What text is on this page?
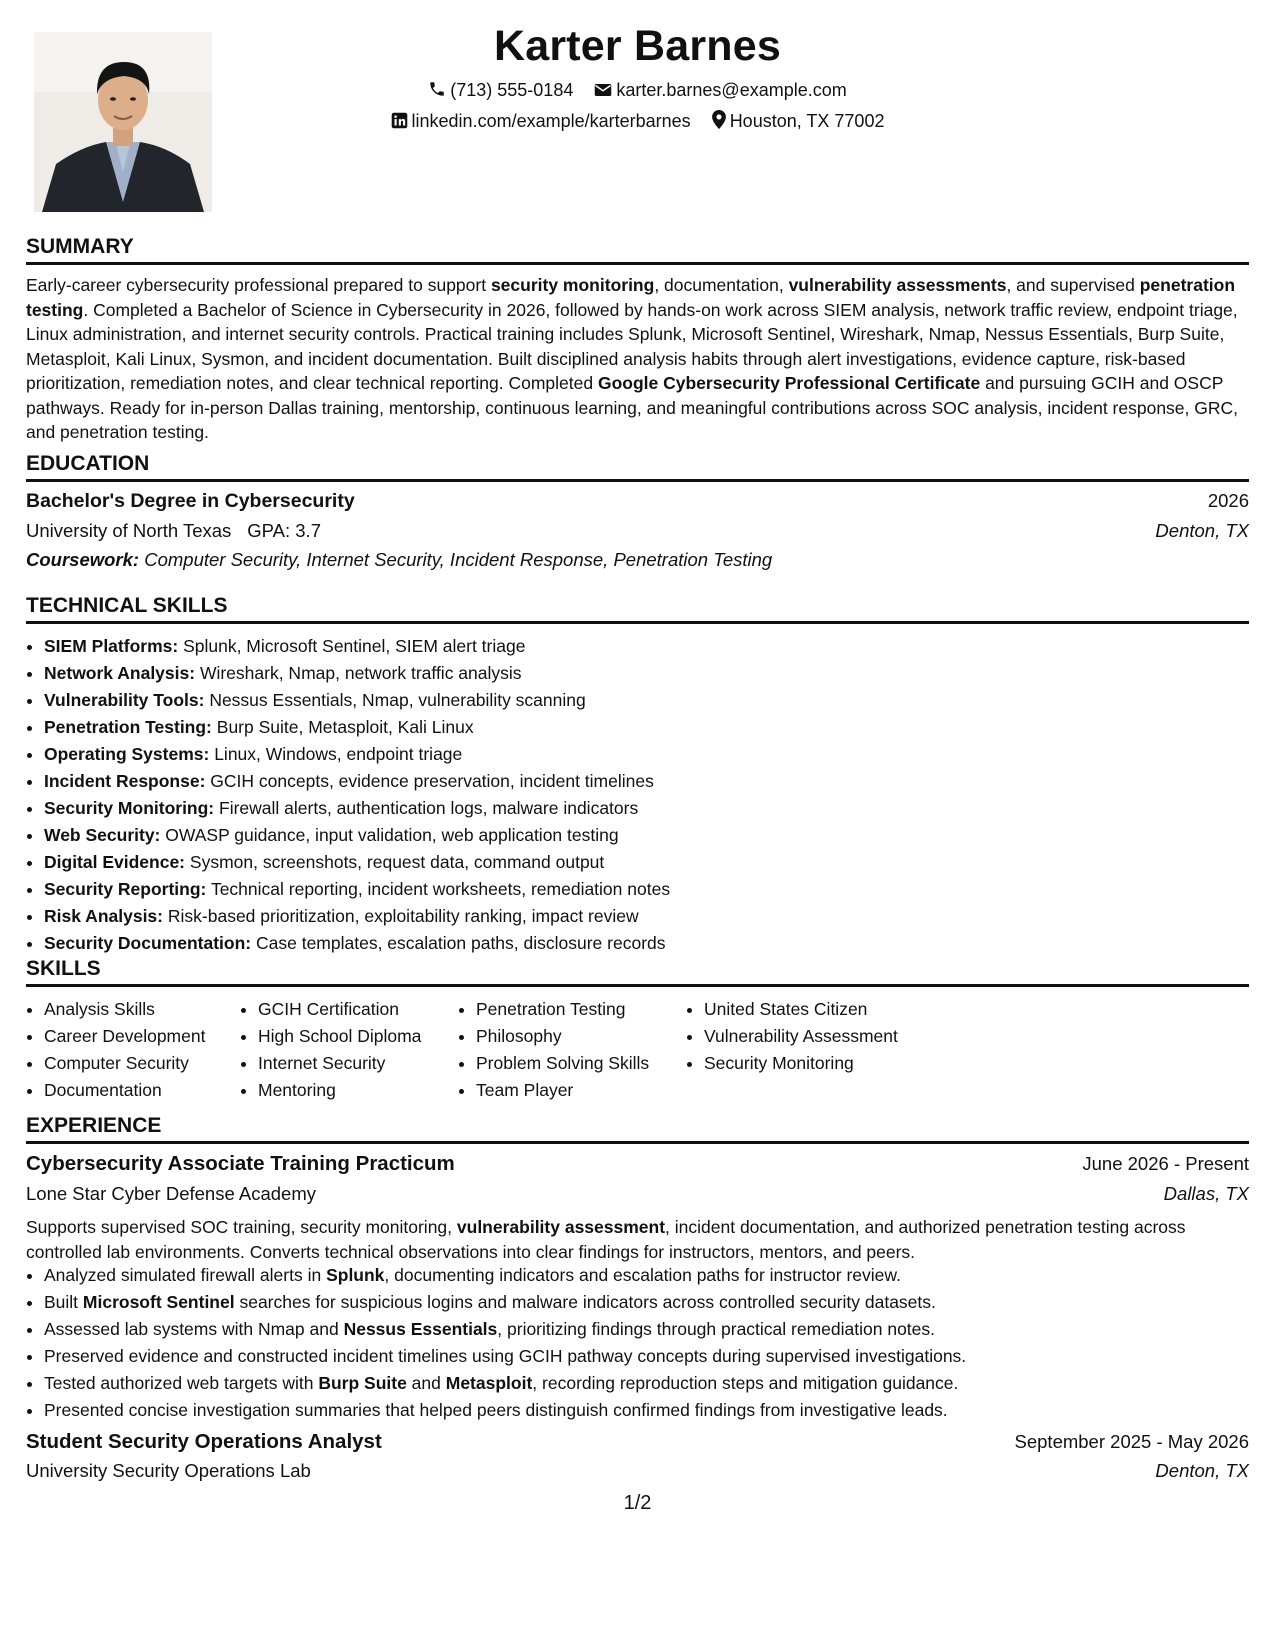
Karter Barnes
(713) 555-0184 karter.barnes@example.com
linkedin.com/example/karterbarnes Houston, TX 77002
SUMMARY
Early-career cybersecurity professional prepared to support security monitoring, documentation, vulnerability assessments, and supervised penetration testing. Completed a Bachelor of Science in Cybersecurity in 2026, followed by hands-on work across SIEM analysis, network traffic review, endpoint triage, Linux administration, and internet security controls. Practical training includes Splunk, Microsoft Sentinel, Wireshark, Nmap, Nessus Essentials, Burp Suite, Metasploit, Kali Linux, Sysmon, and incident documentation. Built disciplined analysis habits through alert investigations, evidence capture, risk-based prioritization, remediation notes, and clear technical reporting. Completed Google Cybersecurity Professional Certificate and pursuing GCIH and OSCP pathways. Ready for in-person Dallas training, mentorship, continuous learning, and meaningful contributions across SOC analysis, incident response, GRC, and penetration testing.
EDUCATION
Bachelor's Degree in Cybersecurity	2026
University of North Texas GPA: 3.7	Denton, TX
Coursework: Computer Security, Internet Security, Incident Response, Penetration Testing
TECHNICAL SKILLS
• SIEM Platforms: Splunk, Microsoft Sentinel, SIEM alert triage
• Network Analysis: Wireshark, Nmap, network traffic analysis
• Vulnerability Tools: Nessus Essentials, Nmap, vulnerability scanning
• Penetration Testing: Burp Suite, Metasploit, Kali Linux
• Operating Systems: Linux, Windows, endpoint triage
• Incident Response: GCIH concepts, evidence preservation, incident timelines
• Security Monitoring: Firewall alerts, authentication logs, malware indicators
• Web Security: OWASP guidance, input validation, web application testing
• Digital Evidence: Sysmon, screenshots, request data, command output
• Security Reporting: Technical reporting, incident worksheets, remediation notes
• Risk Analysis: Risk-based prioritization, exploitability ranking, impact review
• Security Documentation: Case templates, escalation paths, disclosure records
SKILLS
• Analysis Skills
• Career Development
• Computer Security
• Documentation
• GCIH Certification
• High School Diploma
• Internet Security
• Mentoring
• Penetration Testing
• Philosophy
• Problem Solving Skills
• Team Player
• United States Citizen
• Vulnerability Assessment
• Security Monitoring
EXPERIENCE
Cybersecurity Associate Training Practicum	June 2026 - Present
Lone Star Cyber Defense Academy	Dallas, TX
Supports supervised SOC training, security monitoring, vulnerability assessment, incident documentation, and authorized penetration testing across controlled lab environments. Converts technical observations into clear findings for instructors, mentors, and peers.
• Analyzed simulated firewall alerts in Splunk, documenting indicators and escalation paths for instructor review.
• Built Microsoft Sentinel searches for suspicious logins and malware indicators across controlled security datasets.
• Assessed lab systems with Nmap and Nessus Essentials, prioritizing findings through practical remediation notes.
• Preserved evidence and constructed incident timelines using GCIH pathway concepts during supervised investigations.
• Tested authorized web targets with Burp Suite and Metasploit, recording reproduction steps and mitigation guidance.
• Presented concise investigation summaries that helped peers distinguish confirmed findings from investigative leads.
Student Security Operations Analyst	September 2025 - May 2026
University Security Operations Lab	Denton, TX
1/2
